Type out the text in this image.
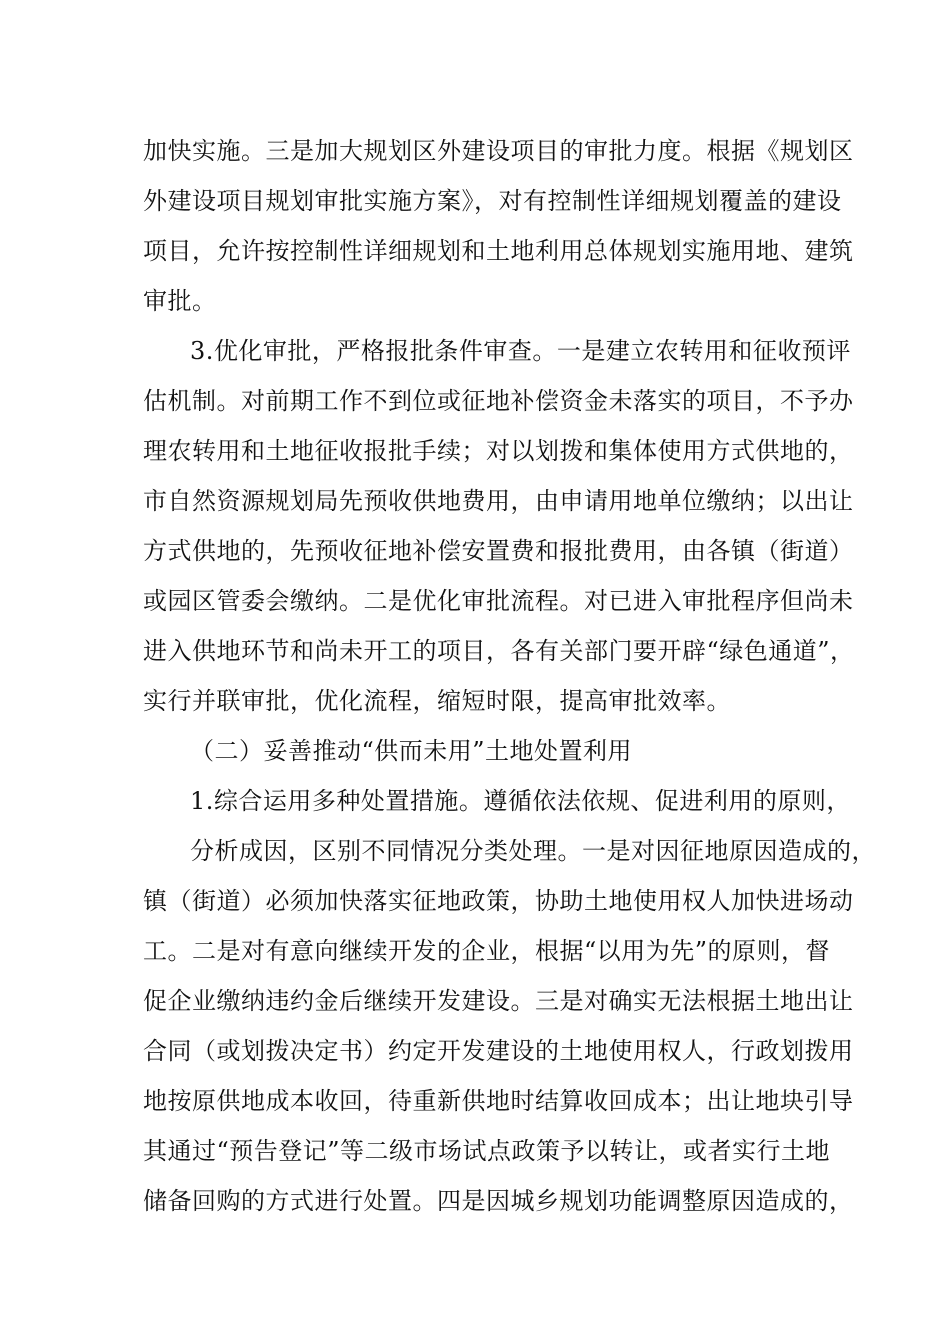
加快实施。三是加大规划区外建设项目的审批力度。根据《规划区
外建设项目规划审批实施方案》，对有控制性详细规划覆盖的建设
项目，允许按控制性详细规划和土地利用总体规划实施用地、建筑
审批。
3.优化审批，严格报批条件审查。一是建立农转用和征收预评
估机制。对前期工作不到位或征地补偿资金未落实的项目，不予办
理农转用和土地征收报批手续；对以划拨和集体使用方式供地的，
市自然资源规划局先预收供地费用，由申请用地单位缴纳；以出让
方式供地的，先预收征地补偿安置费和报批费用，由各镇（街道）
或园区管委会缴纳。二是优化审批流程。对已进入审批程序但尚未
进入供地环节和尚未开工的项目，各有关部门要开辟“绿色通道”，
实行并联审批，优化流程，缩短时限，提高审批效率。
（二）妥善推动“供而未用”土地处置利用
1.综合运用多种处置措施。遵循依法依规、促进利用的原则，
分析成因，区别不同情况分类处理。一是对因征地原因造成的，
镇（街道）必须加快落实征地政策，协助土地使用权人加快进场动
工。二是对有意向继续开发的企业，根据“以用为先”的原则，督
促企业缴纳违约金后继续开发建设。三是对确实无法根据土地出让
合同（或划拨决定书）约定开发建设的土地使用权人，行政划拨用
地按原供地成本收回，待重新供地时结算收回成本；出让地块引导
其通过“预告登记”等二级市场试点政策予以转让，或者实行土地
储备回购的方式进行处置。四是因城乡规划功能调整原因造成的，
